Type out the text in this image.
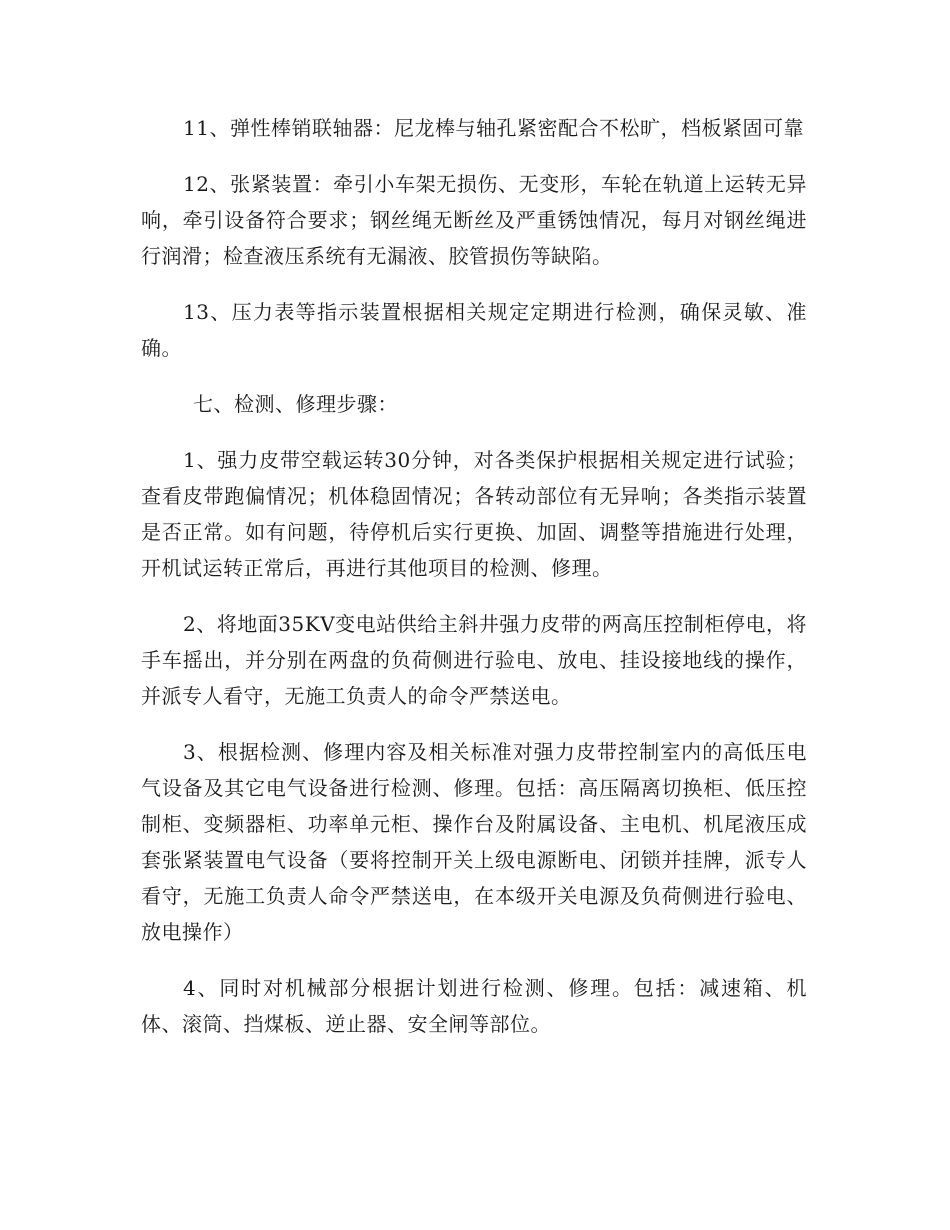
11、弹性棒销联轴器：尼龙棒与轴孔紧密配合不松旷，档板紧固可靠

12、张紧装置：牵引小车架无损伤、无变形，车轮在轨道上运转无异响，牵引设备符合要求；钢丝绳无断丝及严重锈蚀情况，每月对钢丝绳进行润滑；检查液压系统有无漏液、胶管损伤等缺陷。

13、压力表等指示装置根据相关规定定期进行检测，确保灵敏、准确。

七、检测、修理步骤：

1、强力皮带空载运转30分钟，对各类保护根据相关规定进行试验；查看皮带跑偏情况；机体稳固情况；各转动部位有无异响；各类指示装置是否正常。如有问题，待停机后实行更换、加固、调整等措施进行处理，开机试运转正常后，再进行其他项目的检测、修理。

2、将地面35KV变电站供给主斜井强力皮带的两高压控制柜停电，将手车摇出，并分别在两盘的负荷侧进行验电、放电、挂设接地线的操作，并派专人看守，无施工负责人的命令严禁送电。

3、根据检测、修理内容及相关标准对强力皮带控制室内的高低压电气设备及其它电气设备进行检测、修理。包括：高压隔离切换柜、低压控制柜、变频器柜、功率单元柜、操作台及附属设备、主电机、机尾液压成套张紧装置电气设备（要将控制开关上级电源断电、闭锁并挂牌，派专人看守，无施工负责人命令严禁送电，在本级开关电源及负荷侧进行验电、放电操作）

4、同时对机械部分根据计划进行检测、修理。包括：减速箱、机体、滚筒、挡煤板、逆止器、安全闸等部位。
